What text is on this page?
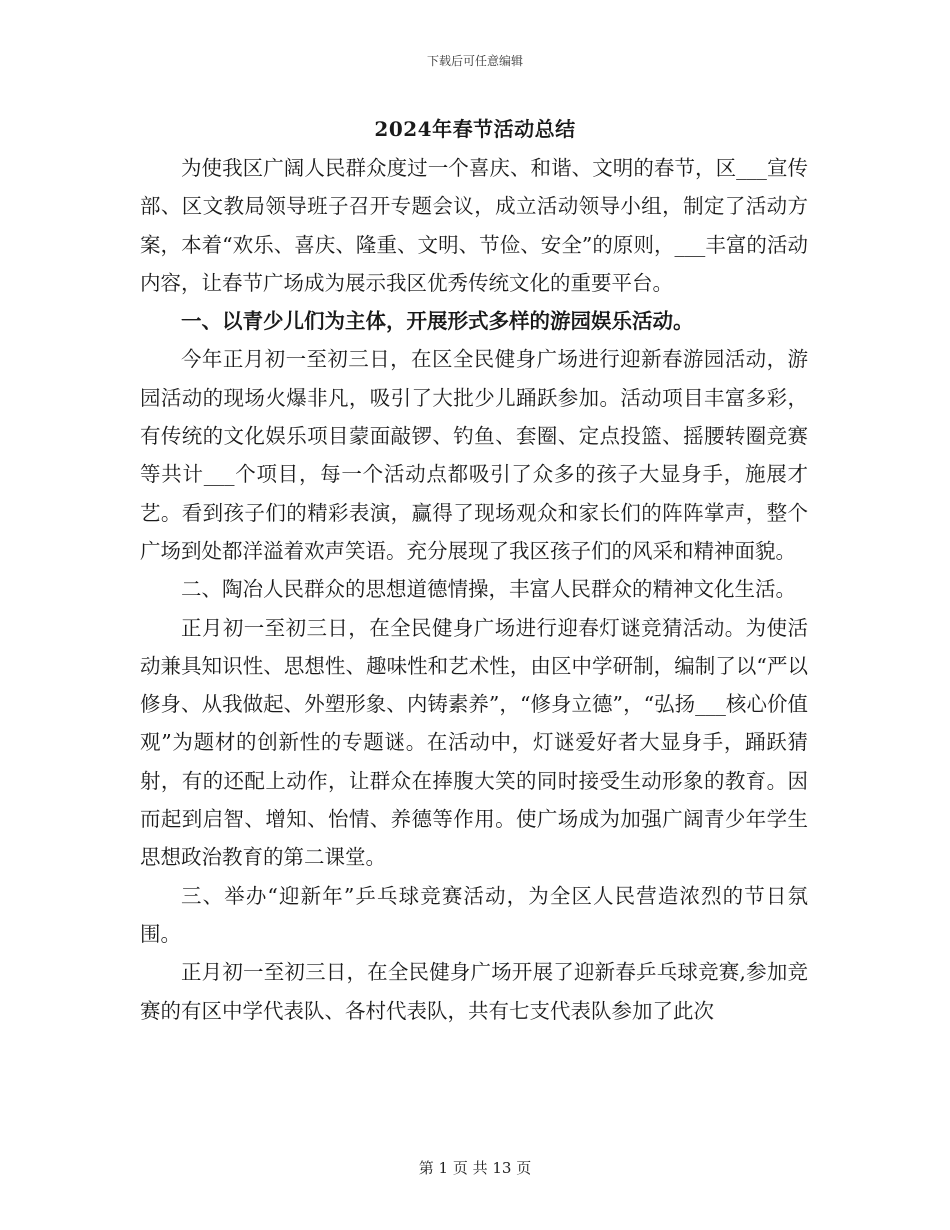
下载后可任意编辑
2024年春节活动总结

为使我区广阔人民群众度过一个喜庆、和谐、文明的春节，区___宣传部、区文教局领导班子召开专题会议，成立活动领导小组，制定了活动方案，本着“欢乐、喜庆、隆重、文明、节俭、安全”的原则，___丰富的活动内容，让春节广场成为展示我区优秀传统文化的重要平台。

一、以青少儿们为主体，开展形式多样的游园娱乐活动。

今年正月初一至初三日，在区全民健身广场进行迎新春游园活动，游园活动的现场火爆非凡，吸引了大批少儿踊跃参加。活动项目丰富多彩，有传统的文化娱乐项目蒙面敲锣、钓鱼、套圈、定点投篮、摇腰转圈竞赛等共计___个项目，每一个活动点都吸引了众多的孩子大显身手，施展才艺。看到孩子们的精彩表演，赢得了现场观众和家长们的阵阵掌声，整个广场到处都洋溢着欢声笑语。充分展现了我区孩子们的风采和精神面貌。

二、陶冶人民群众的思想道德情操，丰富人民群众的精神文化生活。

正月初一至初三日，在全民健身广场进行迎春灯谜竞猜活动。为使活动兼具知识性、思想性、趣味性和艺术性，由区中学研制，编制了以“严以修身、从我做起、外塑形象、内铸素养”，“修身立德”，“弘扬___核心价值观”为题材的创新性的专题谜。在活动中，灯谜爱好者大显身手，踊跃猜射，有的还配上动作，让群众在捧腹大笑的同时接受生动形象的教育。因而起到启智、增知、怡情、养德等作用。使广场成为加强广阔青少年学生思想政治教育的第二课堂。

三、举办“迎新年”乒乓球竞赛活动，为全区人民营造浓烈的节日氛围。

正月初一至初三日，在全民健身广场开展了迎新春乒乓球竞赛,参加竞赛的有区中学代表队、各村代表队，共有七支代表队参加了此次

第 1 页 共 13 页
